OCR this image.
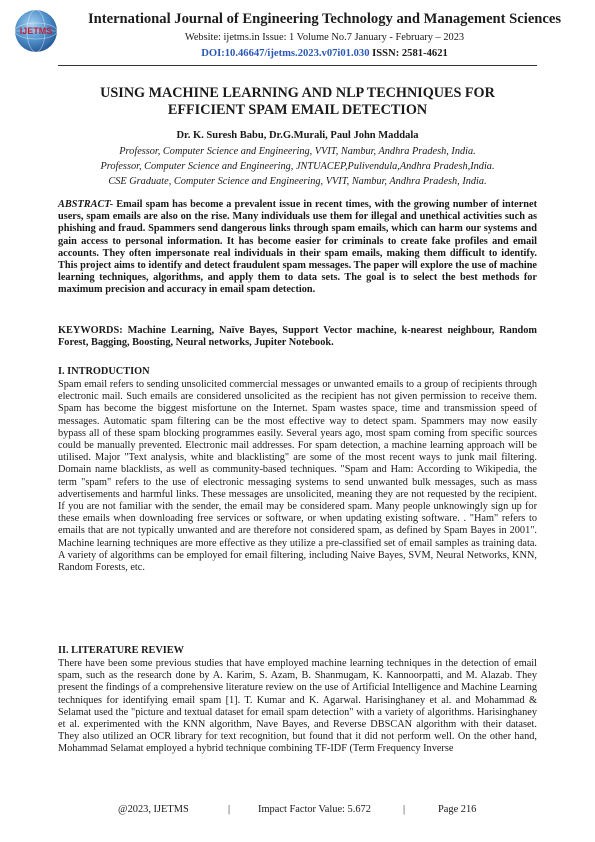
IJETMS
International Journal of Engineering Technology and Management Sciences
Website: ijetms.in Issue: 1 Volume No.7 January - February – 2023
DOI:10.46647/ijetms.2023.v07i01.030 ISSN: 2581-4621
USING MACHINE LEARNING AND NLP TECHNIQUES FOR
EFFICIENT SPAM EMAIL DETECTION
Dr. K. Suresh Babu, Dr.G.Murali, Paul John Maddala
Professor, Computer Science and Engineering, VVIT, Nambur, Andhra Pradesh, India.
Professor, Computer Science and Engineering, JNTUACEP,Pulivendula,Andhra Pradesh,India.
CSE Graduate, Computer Science and Engineering, VVIT, Nambur, Andhra Pradesh, India.
ABSTRACT- Email spam has become a prevalent issue in recent times, with the growing number of internet users, spam emails are also on the rise. Many individuals use them for illegal and unethical activities such as phishing and fraud. Spammers send dangerous links through spam emails, which can harm our systems and gain access to personal information. It has become easier for criminals to create fake profiles and email accounts. They often impersonate real individuals in their spam emails, making them difficult to identify. This project aims to identify and detect fraudulent spam messages. The paper will explore the use of machine learning techniques, algorithms, and apply them to data sets. The goal is to select the best methods for maximum precision and accuracy in email spam detection.
KEYWORDS: Machine Learning, Naïve Bayes, Support Vector machine, k-nearest neighbour, Random Forest, Bagging, Boosting, Neural networks, Jupiter Notebook.
I. INTRODUCTION
Spam email refers to sending unsolicited commercial messages or unwanted emails to a group of recipients through electronic mail. Such emails are considered unsolicited as the recipient has not given permission to receive them. Spam has become the biggest misfortune on the Internet. Spam wastes space, time and transmission speed of messages. Automatic spam filtering can be the most effective way to detect spam. Spammers may now easily bypass all of these spam blocking programmes easily. Several years ago, most spam coming from specific sources could be manually prevented. Electronic mail addresses. For spam detection, a machine learning approach will be utilised. Major "Text analysis, white and blacklisting" are some of the most recent ways to junk mail filtering. Domain name blacklists, as well as community-based techniques. "Spam and Ham: According to Wikipedia, the term "spam" refers to the use of electronic messaging systems to send unwanted bulk messages, such as mass advertisements and harmful links. These messages are unsolicited, meaning they are not requested by the recipient. If you are not familiar with the sender, the email may be considered spam. Many people unknowingly sign up for these emails when downloading free services or software, or when updating existing software. . "Ham" refers to emails that are not typically unwanted and are therefore not considered spam, as defined by Spam Bayes in 2001". Machine learning techniques are more effective as they utilize a pre-classified set of email samples as training data. A variety of algorithms can be employed for email filtering, including Naive Bayes, SVM, Neural Networks, KNN, Random Forests, etc.
II. LITERATURE REVIEW
There have been some previous studies that have employed machine learning techniques in the detection of email spam, such as the research done by A. Karim, S. Azam, B. Shanmugam, K. Kannoorpatti, and M. Alazab. They present the findings of a comprehensive literature review on the use of Artificial Intelligence and Machine Learning techniques for identifying email spam [1]. T. Kumar and K. Agarwal. Harisinghaney et al. and Mohammad & Selamat used the "picture and textual dataset for email spam detection" with a variety of algorithms. Harisinghaney et al. experimented with the KNN algorithm, Nave Bayes, and Reverse DBSCAN algorithm with their dataset. They also utilized an OCR library for text recognition, but found that it did not perform well. On the other hand, Mohammad Selamat employed a hybrid technique combining TF-IDF (Term Frequency Inverse
@2023, IJETMS	|	Impact Factor Value: 5.672	|	Page 216
